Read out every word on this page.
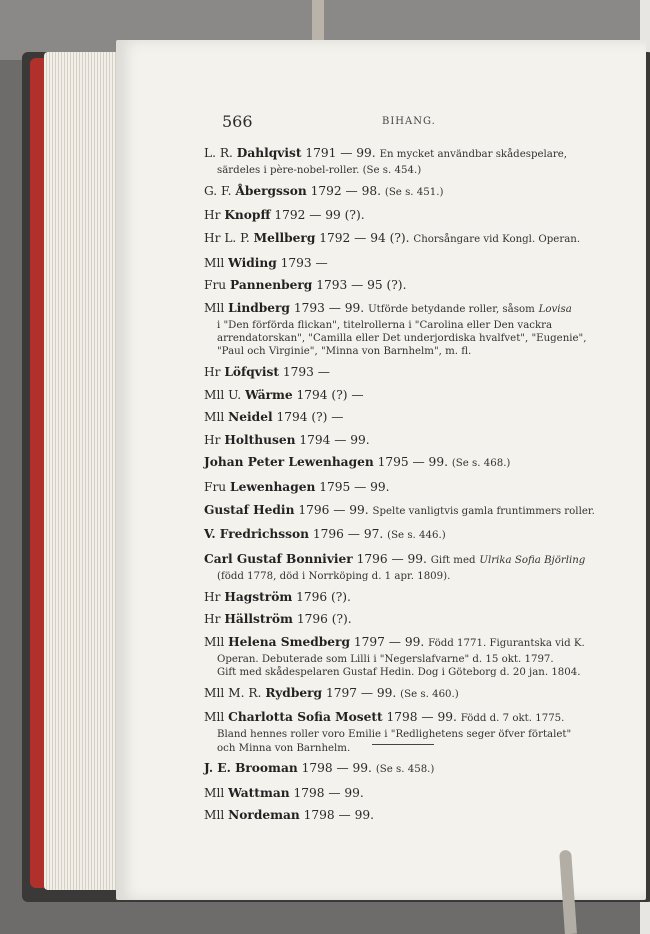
566	BIHANG.
L. R. Dahlqvist 1791 — 99. En mycket användbar skådespelare,
särdeles i père-nobel-roller. (Se s. 454.)
G. F. Åbergsson 1792 — 98. (Se s. 451.)
Hr Knopff 1792 — 99 (?).
Hr L. P. Mellberg 1792 — 94 (?). Chorsångare vid Kongl. Operan.
Mll Widing 1793 —
Fru Pannenberg 1793 — 95 (?).
Mll Lindberg 1793 — 99. Utförde betydande roller, såsom Lovisa
i "Den förförda flickan", titelrollerna i "Carolina eller Den vackra
arrendatorskan", "Camilla eller Det underjordiska hvalfvet", "Eugenie",
"Paul och Virginie", "Minna von Barnhelm", m. fl.
Hr Löfqvist 1793 —
Mll U. Wärme 1794 (?) —
Mll Neidel 1794 (?) —
Hr Holthusen 1794 — 99.
Johan Peter Lewenhagen 1795 — 99. (Se s. 468.)
Fru Lewenhagen 1795 — 99.
Gustaf Hedin 1796 — 99. Spelte vanligtvis gamla fruntimmers roller.
V. Fredrichsson 1796 — 97. (Se s. 446.)
Carl Gustaf Bonnivier 1796 — 99. Gift med Ulrika Sofia Björling
(född 1778, död i Norrköping d. 1 apr. 1809).
Hr Hagström 1796 (?).
Hr Hällström 1796 (?).
Mll Helena Smedberg 1797 — 99. Född 1771. Figurantska vid K.
Operan. Debuterade som Lilli i "Negerslafvarne" d. 15 okt. 1797.
Gift med skådespelaren Gustaf Hedin. Dog i Göteborg d. 20 jan. 1804.
Mll M. R. Rydberg 1797 — 99. (Se s. 460.)
Mll Charlotta Sofia Mosett 1798 — 99. Född d. 7 okt. 1775.
Bland hennes roller voro Emilie i "Redlighetens seger öfver förtalet"
och Minna von Barnhelm.
J. E. Brooman 1798 — 99. (Se s. 458.)
Mll Wattman 1798 — 99.
Mll Nordeman 1798 — 99.
